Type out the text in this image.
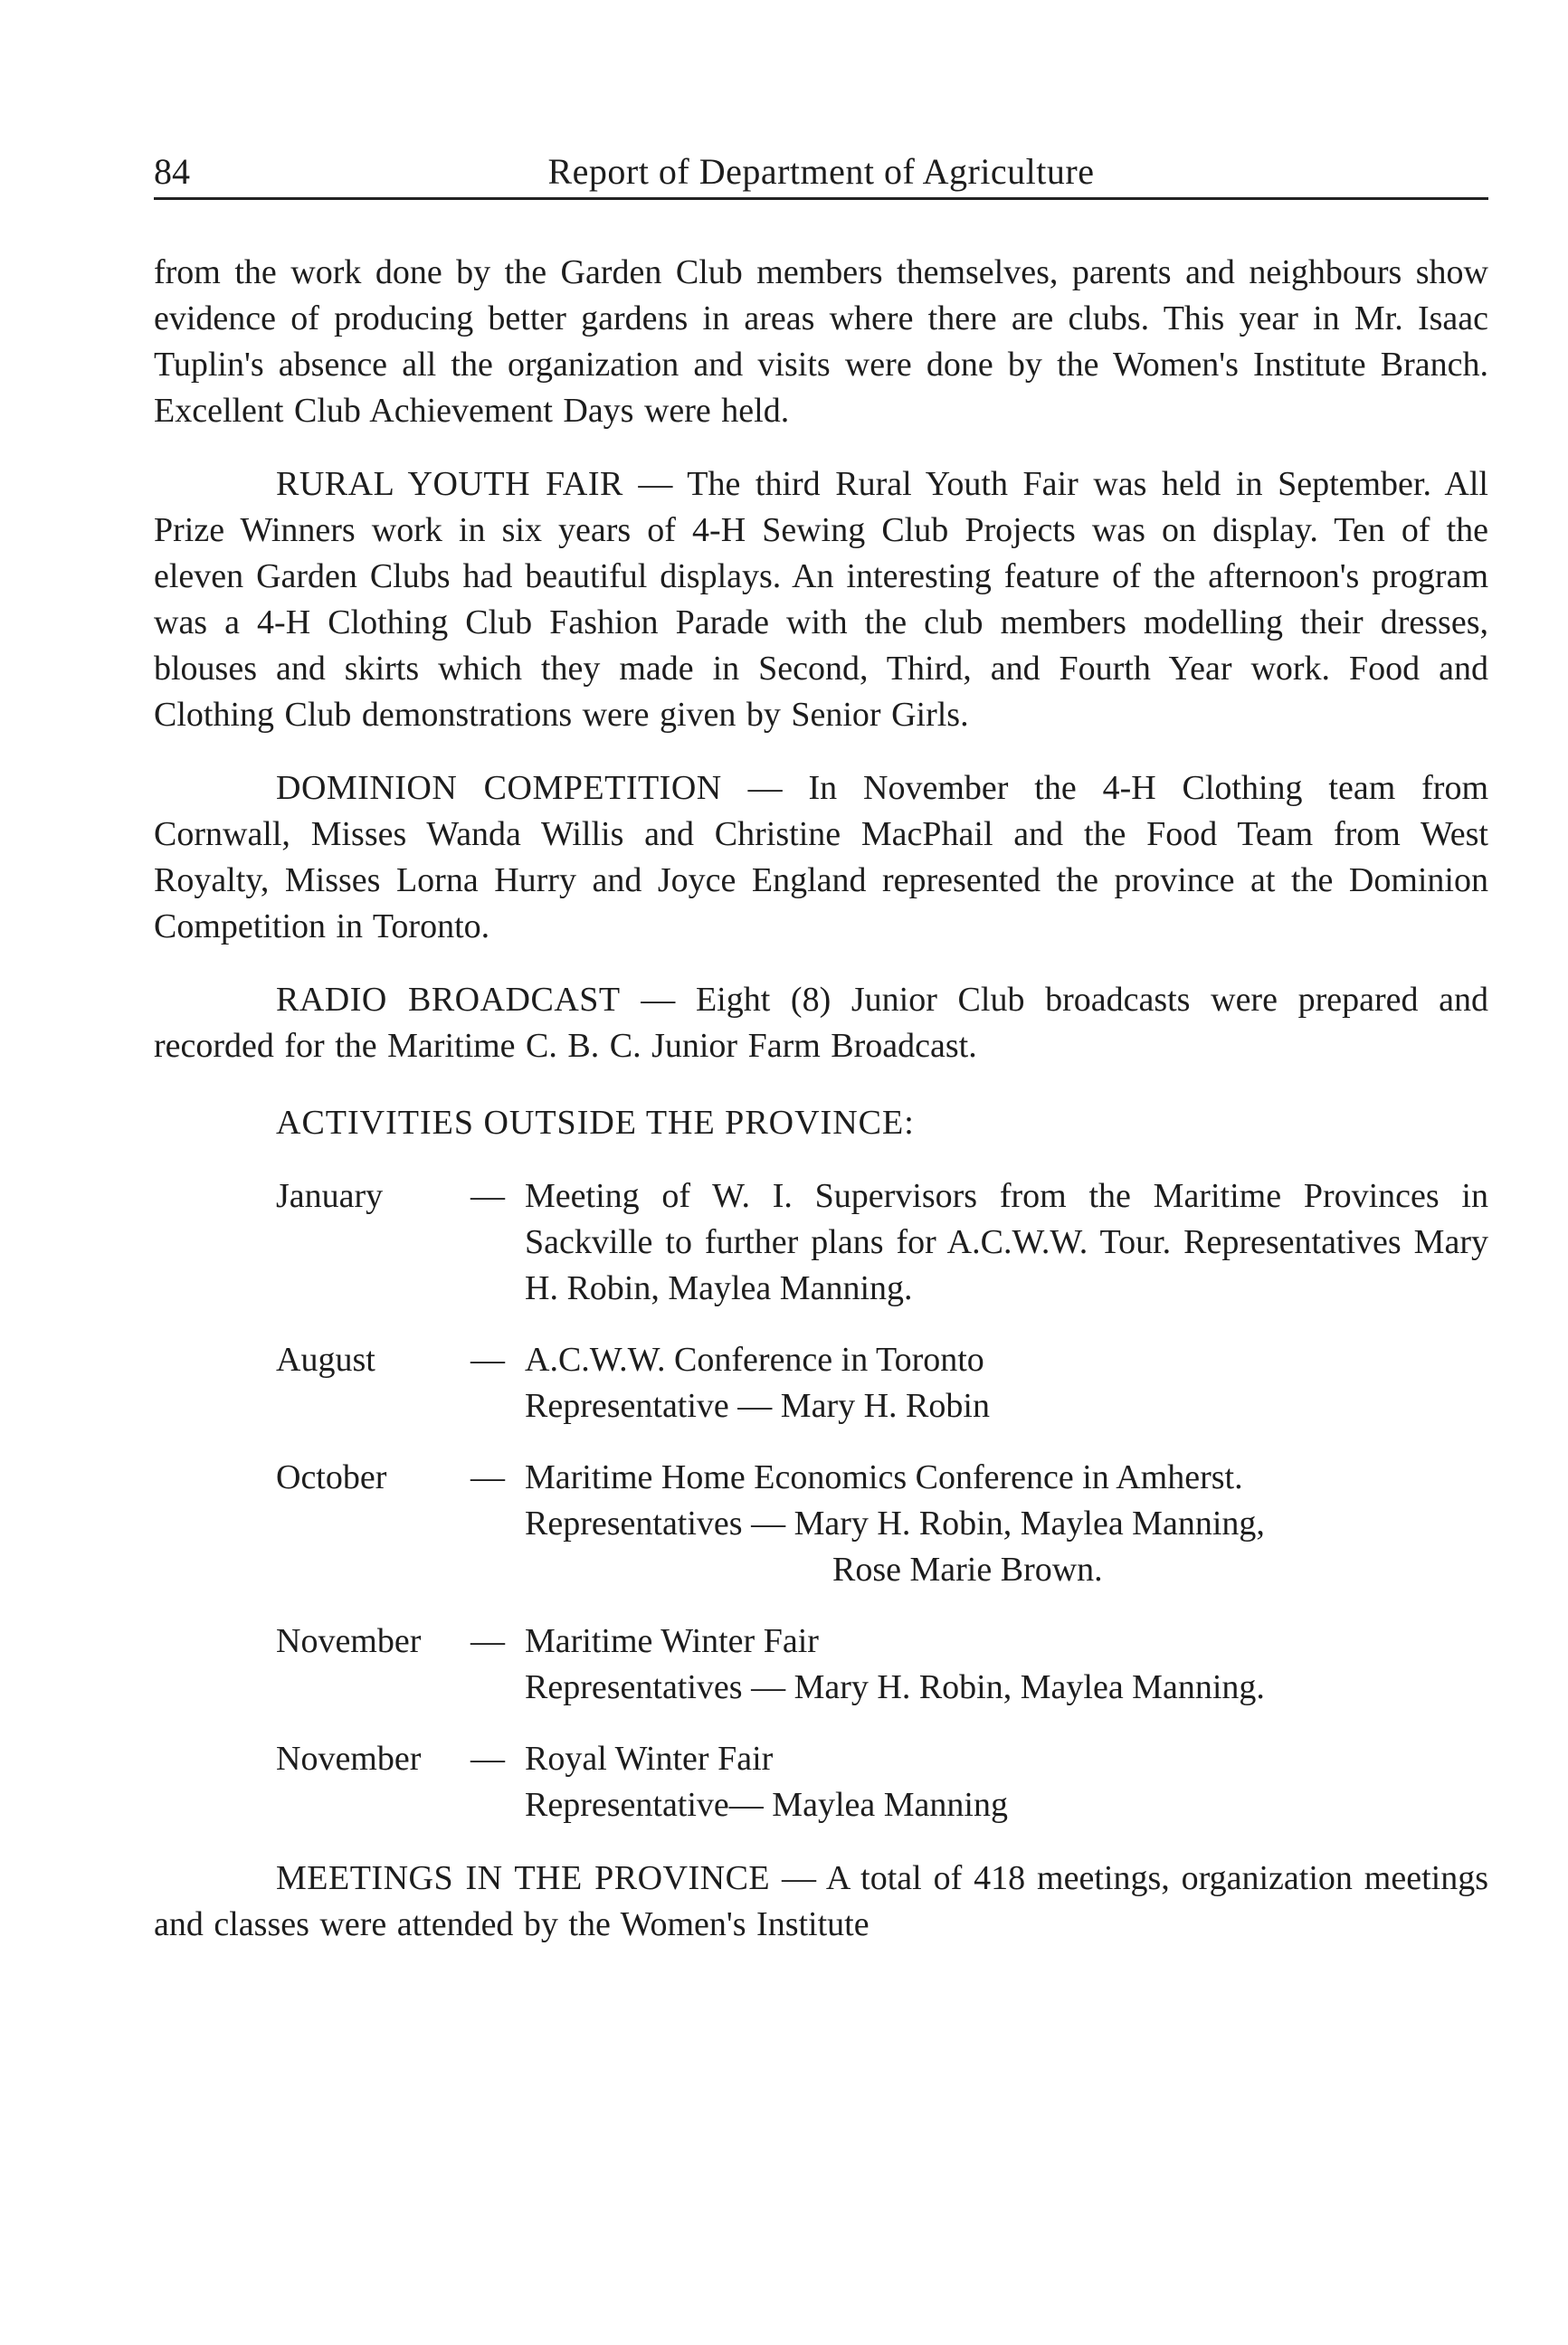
84	Report of Department of Agriculture

from the work done by the Garden Club members themselves, parents and neighbours show evidence of producing better gardens in areas where there are clubs. This year in Mr. Isaac Tuplin's absence all the organization and visits were done by the Women's Institute Branch. Excellent Club Achievement Days were held.

RURAL YOUTH FAIR — The third Rural Youth Fair was held in September. All Prize Winners work in six years of 4-H Sewing Club Projects was on display. Ten of the eleven Garden Clubs had beautiful displays. An interesting feature of the afternoon's program was a 4-H Clothing Club Fashion Parade with the club members modelling their dresses, blouses and skirts which they made in Second, Third, and Fourth Year work. Food and Clothing Club demonstrations were given by Senior Girls.

DOMINION COMPETITION — In November the 4-H Clothing team from Cornwall, Misses Wanda Willis and Christine MacPhail and the Food Team from West Royalty, Misses Lorna Hurry and Joyce England represented the province at the Dominion Competition in Toronto.

RADIO BROADCAST — Eight (8) Junior Club broadcasts were prepared and recorded for the Maritime C. B. C. Junior Farm Broadcast.

ACTIVITIES OUTSIDE THE PROVINCE:
January	— Meeting of W. I. Supervisors from the Maritime Provinces in Sackville to further plans for A.C.W.W. Tour. Representatives Mary H. Robin, Maylea Manning.
August	— A.C.W.W. Conference in Toronto
Representative — Mary H. Robin
October	— Maritime Home Economics Conference in Amherst.
Representatives — Mary H. Robin, Maylea Manning,
Rose Marie Brown.
November	— Maritime Winter Fair
Representatives — Mary H. Robin, Maylea Manning.
November	— Royal Winter Fair
Representative— Maylea Manning

MEETINGS IN THE PROVINCE — A total of 418 meetings, organization meetings and classes were attended by the Women's Institute
